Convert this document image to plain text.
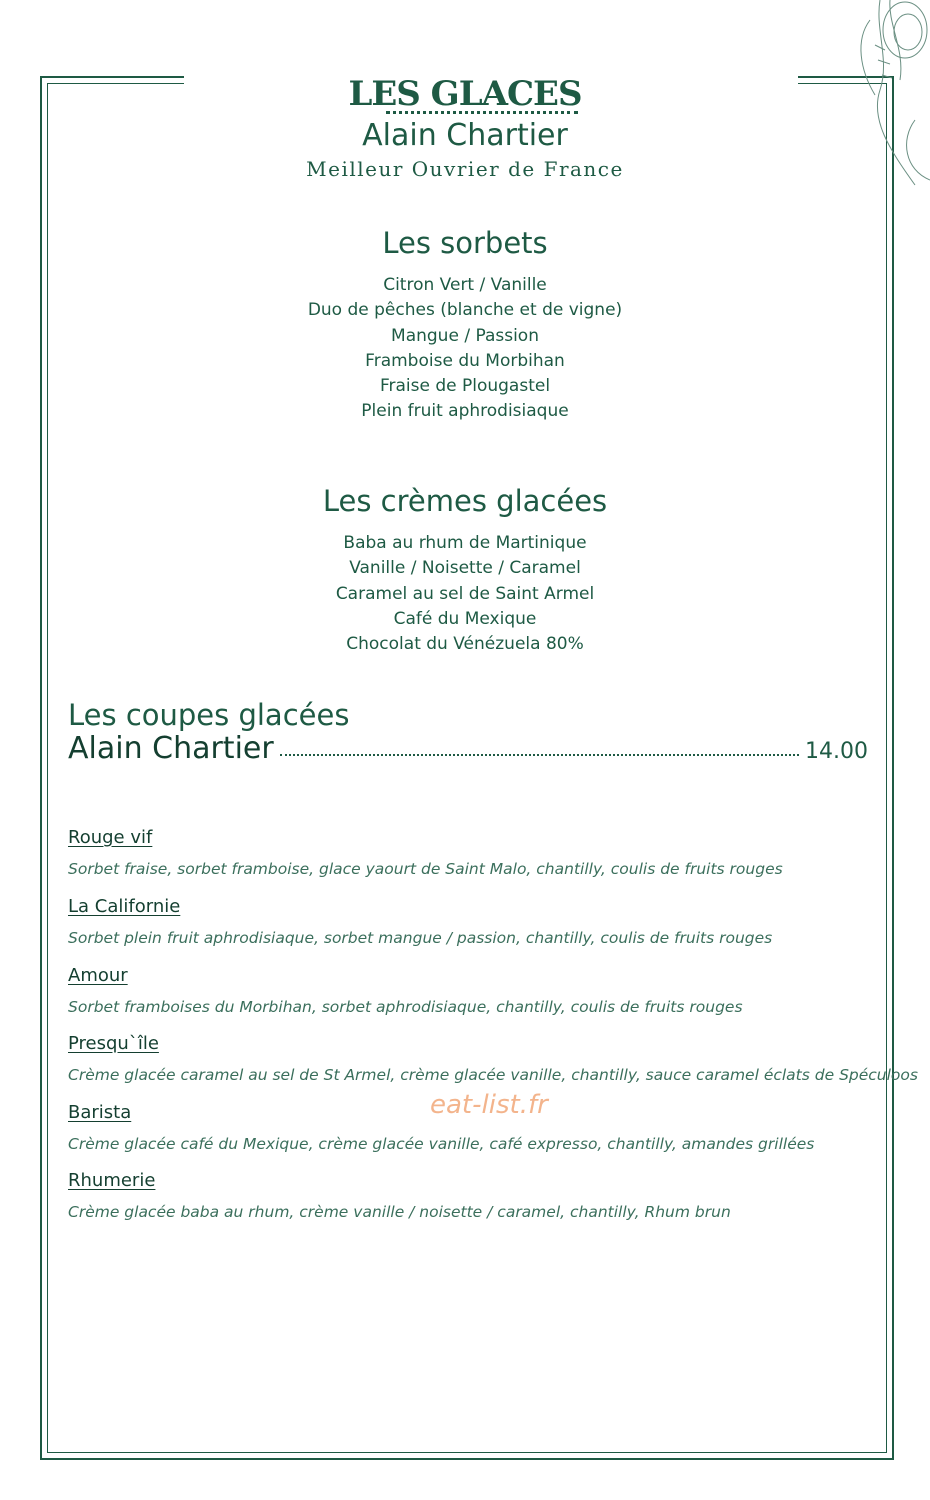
LES GLACES
Alain Chartier
Meilleur Ouvrier de France
Les sorbets
Citron Vert / Vanille
Duo de pêches (blanche et de vigne)
Mangue / Passion
Framboise du Morbihan
Fraise de Plougastel
Plein fruit aphrodisiaque
Les crèmes glacées
Baba au rhum de Martinique
Vanille / Noisette / Caramel
Caramel au sel de Saint Armel
Café du Mexique
Chocolat du Vénézuela 80%
Les coupes glacées
Alain Chartier	14.00
Rouge vif
Sorbet fraise, sorbet framboise, glace yaourt de Saint Malo, chantilly, coulis de fruits rouges
La Californie
Sorbet plein fruit aphrodisiaque, sorbet mangue / passion, chantilly, coulis de fruits rouges
Amour
Sorbet framboises du Morbihan, sorbet aphrodisiaque, chantilly, coulis de fruits rouges
Presqu`île
Crème glacée caramel au sel de St Armel, crème glacée vanille, chantilly, sauce caramel éclats de Spéculoos
Barista
Crème glacée café du Mexique, crème glacée vanille, café expresso, chantilly, amandes grillées
Rhumerie
Crème glacée baba au rhum, crème vanille / noisette / caramel, chantilly, Rhum brun
eat-list.fr
